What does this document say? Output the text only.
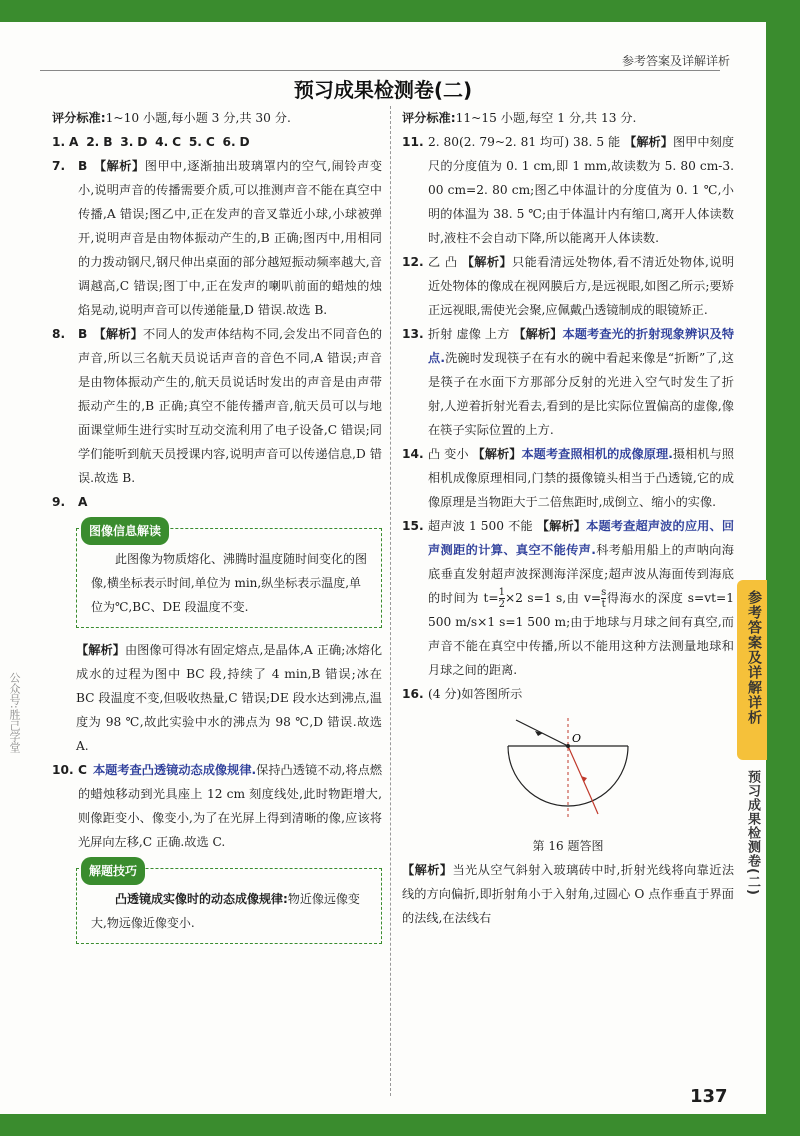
参考答案及详解详析
预习成果检测卷(二)
评分标准:1~10 小题,每小题 3 分,共 30 分.
1. A 2. B 3. D 4. C 5. C 6. D
7. B 【解析】图甲中,逐渐抽出玻璃罩内的空气,闹铃声变小,说明声音的传播需要介质,可以推测声音不能在真空中传播,A 错误;图乙中,正在发声的音叉靠近小球,小球被弹开,说明声音是由物体振动产生的,B 正确;图丙中,用相同的力拨动钢尺,钢尺伸出桌面的部分越短振动频率越大,音调越高,C 错误;图丁中,正在发声的喇叭前面的蜡烛的烛焰晃动,说明声音可以传递能量,D 错误.故选 B.
8. B 【解析】不同人的发声体结构不同,会发出不同音色的声音,所以三名航天员说话声音的音色不同,A 错误;声音是由物体振动产生的,航天员说话时发出的声音是由声带振动产生的,B 正确;真空不能传播声音,航天员可以与地面课堂师生进行实时互动交流利用了电子设备,C 错误;同学们能听到航天员授课内容,说明声音可以传递信息,D 错误.故选 B.
9. A
图像信息解读

此图像为物质熔化、沸腾时温度随时间变化的图像,横坐标表示时间,单位为 min,纵坐标表示温度,单位为℃,BC、DE 段温度不变.

【解析】由图像可得冰有固定熔点,是晶体,A 正确;冰熔化成水的过程为图中 BC 段,持续了 4 min,B 错误;冰在 BC 段温度不变,但吸收热量,C 错误;DE 段水达到沸点,温度为 98 ℃,故此实验中水的沸点为 98 ℃,D 错误.故选 A.
10. C 本题考查凸透镜动态成像规律.保持凸透镜不动,将点燃的蜡烛移动到光具座上 12 cm 刻度线处,此时物距增大,则像距变小、像变小,为了在光屏上得到清晰的像,应该将光屏向左移,C 正确.故选 C.
解题技巧

凸透镜成实像时的动态成像规律:物近像远像变大,物远像近像变小.

评分标准:11~15 小题,每空 1 分,共 13 分.
11. 2. 80(2. 79~2. 81 均可) 38. 5 能 【解析】图甲中刻度尺的分度值为 0. 1 cm,即 1 mm,故读数为 5. 80 cm-3. 00 cm=2. 80 cm;图乙中体温计的分度值为 0. 1 ℃,小明的体温为 38. 5 ℃;由于体温计内有缩口,离开人体读数时,液柱不会自动下降,所以能离开人体读数.
12. 乙 凸 【解析】只能看清远处物体,看不清近处物体,说明近处物体的像成在视网膜后方,是远视眼,如图乙所示;要矫正远视眼,需使光会聚,应佩戴凸透镜制成的眼镜矫正.
13. 折射 虚像 上方 【解析】本题考查光的折射现象辨识及特点.洗碗时发现筷子在有水的碗中看起来像是“折断”了,这是筷子在水面下方那部分反射的光进入空气时发生了折射,人逆着折射光看去,看到的是比实际位置偏高的虚像,像在筷子实际位置的上方.
14. 凸 变小 【解析】本题考查照相机的成像原理.摄相机与照相机成像原理相同,门禁的摄像镜头相当于凸透镜,它的成像原理是当物距大于二倍焦距时,成倒立、缩小的实像.
15. 超声波 1 500 不能 【解析】本题考查超声波的应用、回声测距的计算、真空不能传声.科考船用船上的声呐向海底垂直发射超声波探测海洋深度;超声波从海面传到海底的时间为 $t= \frac{1}{2} \times 2$ s=1 s,由 $v= \frac{s}{t}$ 得海水的深度 s=vt=1 500 m/s×1 s=1 500 m;由于地球与月球之间有真空,而声音不能在真空中传播,所以不能用这种方法测量地球和月球之间的距离.
16. (4 分)如答图所示
O
第 16 题答图
【解析】当光从空气斜射入玻璃砖中时,折射光线将向靠近法线的方向偏折,即折射角小于入射角,过圆心 O 点作垂直于界面的法线,在法线右
参考答案及详解详析
预习成果检测卷(二)
公众号:胜己学堂
137
